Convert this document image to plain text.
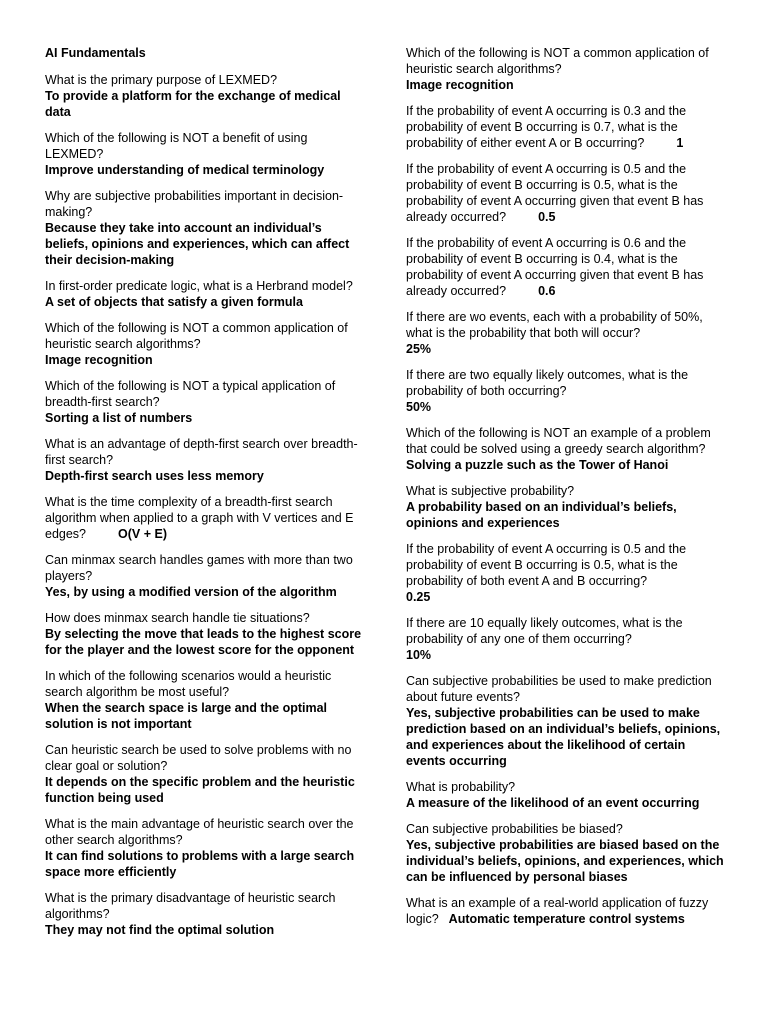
AI Fundamentals
What is the primary purpose of LEXMED?
To provide a platform for the exchange of medical data
Which of the following is NOT a benefit of using LEXMED?
Improve understanding of medical terminology
Why are subjective probabilities important in decision-making?
Because they take into account an individual’s beliefs, opinions and experiences, which can affect their decision-making
In first-order predicate logic, what is a Herbrand model?
A set of objects that satisfy a given formula
Which of the following is NOT a common application of heuristic search algorithms?
Image recognition
Which of the following is NOT a typical application of breadth-first search?
Sorting a list of numbers
What is an advantage of depth-first search over breadth-first search?
Depth-first search uses less memory
What is the time complexity of a breadth-first search algorithm when applied to a graph with V vertices and E edges?	O(V + E)
Can minmax search handles games with more than two players?
Yes, by using a modified version of the algorithm
How does minmax search handle tie situations?
By selecting the move that leads to the highest score for the player and the lowest score for the opponent
In which of the following scenarios would a heuristic search algorithm be most useful?
When the search space is large and the optimal solution is not important
Can heuristic search be used to solve problems with no clear goal or solution?
It depends on the specific problem and the heuristic function being used
What is the main advantage of heuristic search over the other search algorithms?
It can find solutions to problems with a large search space more efficiently
What is the primary disadvantage of heuristic search algorithms?
They may not find the optimal solution
Which of the following is NOT a common application of heuristic search algorithms?
Image recognition
If the probability of event A occurring is 0.3 and the probability of event B occurring is 0.7, what is the probability of either event A or B occurring?	1
If the probability of event A occurring is 0.5 and the probability of event B occurring is 0.5, what is the probability of event A occurring given that event B has already occurred?	0.5
If the probability of event A occurring is 0.6 and the probability of event B occurring is 0.4, what is the probability of event A occurring given that event B has already occurred?	0.6
If there are wo events, each with a probability of 50%, what is the probability that both will occur?
25%
If there are two equally likely outcomes, what is the probability of both occurring?
50%
Which of the following is NOT an example of a problem that could be solved using a greedy search algorithm?
Solving a puzzle such as the Tower of Hanoi
What is subjective probability?
A probability based on an individual’s beliefs, opinions and experiences
If the probability of event A occurring is 0.5 and the probability of event B occurring is 0.5, what is the probability of both event A and B occurring?
0.25
If there are 10 equally likely outcomes, what is the probability of any one of them occurring?
10%
Can subjective probabilities be used to make prediction about future events?
Yes, subjective probabilities can be used to make prediction based on an individual’s beliefs, opinions, and experiences about the likelihood of certain events occurring
What is probability?
A measure of the likelihood of an event occurring
Can subjective probabilities be biased?
Yes, subjective probabilities are biased based on the individual’s beliefs, opinions, and experiences, which can be influenced by personal biases
What is an example of a real-world application of fuzzy logic? Automatic temperature control systems
